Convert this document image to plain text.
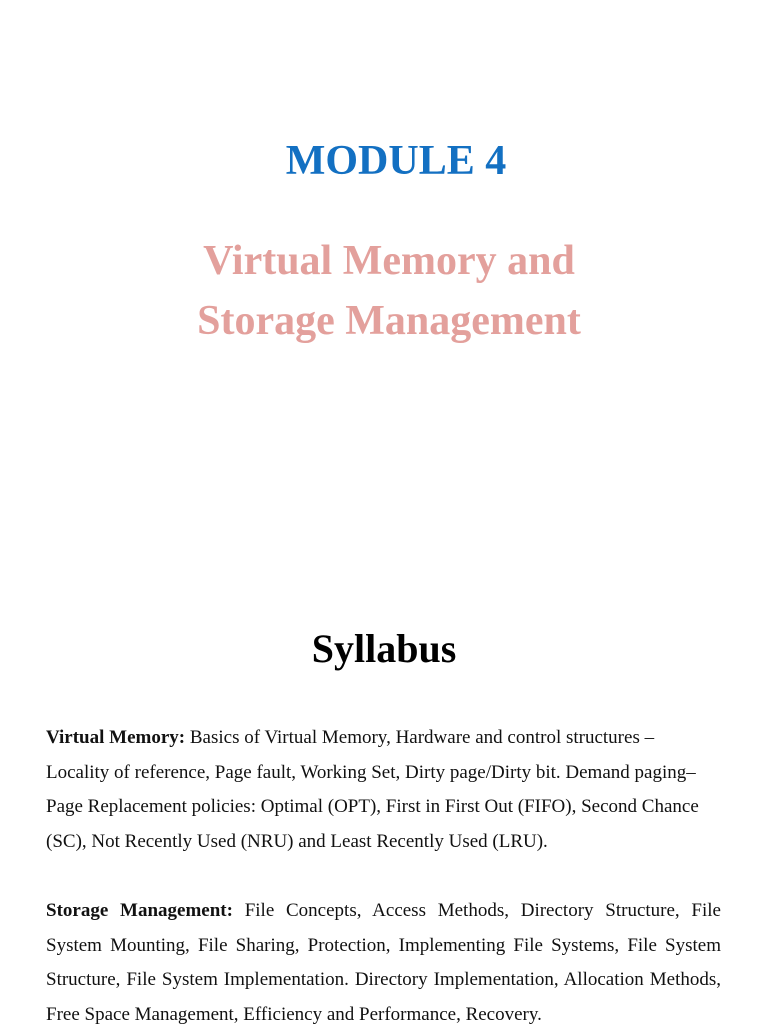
MODULE 4
Virtual Memory and
Storage Management
Syllabus

Virtual Memory: Basics of Virtual Memory, Hardware and control structures – Locality of reference, Page fault, Working Set, Dirty page/Dirty bit. Demand paging– Page Replacement policies: Optimal (OPT), First in First Out (FIFO), Second Chance (SC), Not Recently Used (NRU) and Least Recently Used (LRU).

Storage Management: File Concepts, Access Methods, Directory Structure, File System Mounting, File Sharing, Protection, Implementing File Systems, File System Structure, File System Implementation. Directory Implementation, Allocation Methods, Free Space Management, Efficiency and Performance, Recovery.
